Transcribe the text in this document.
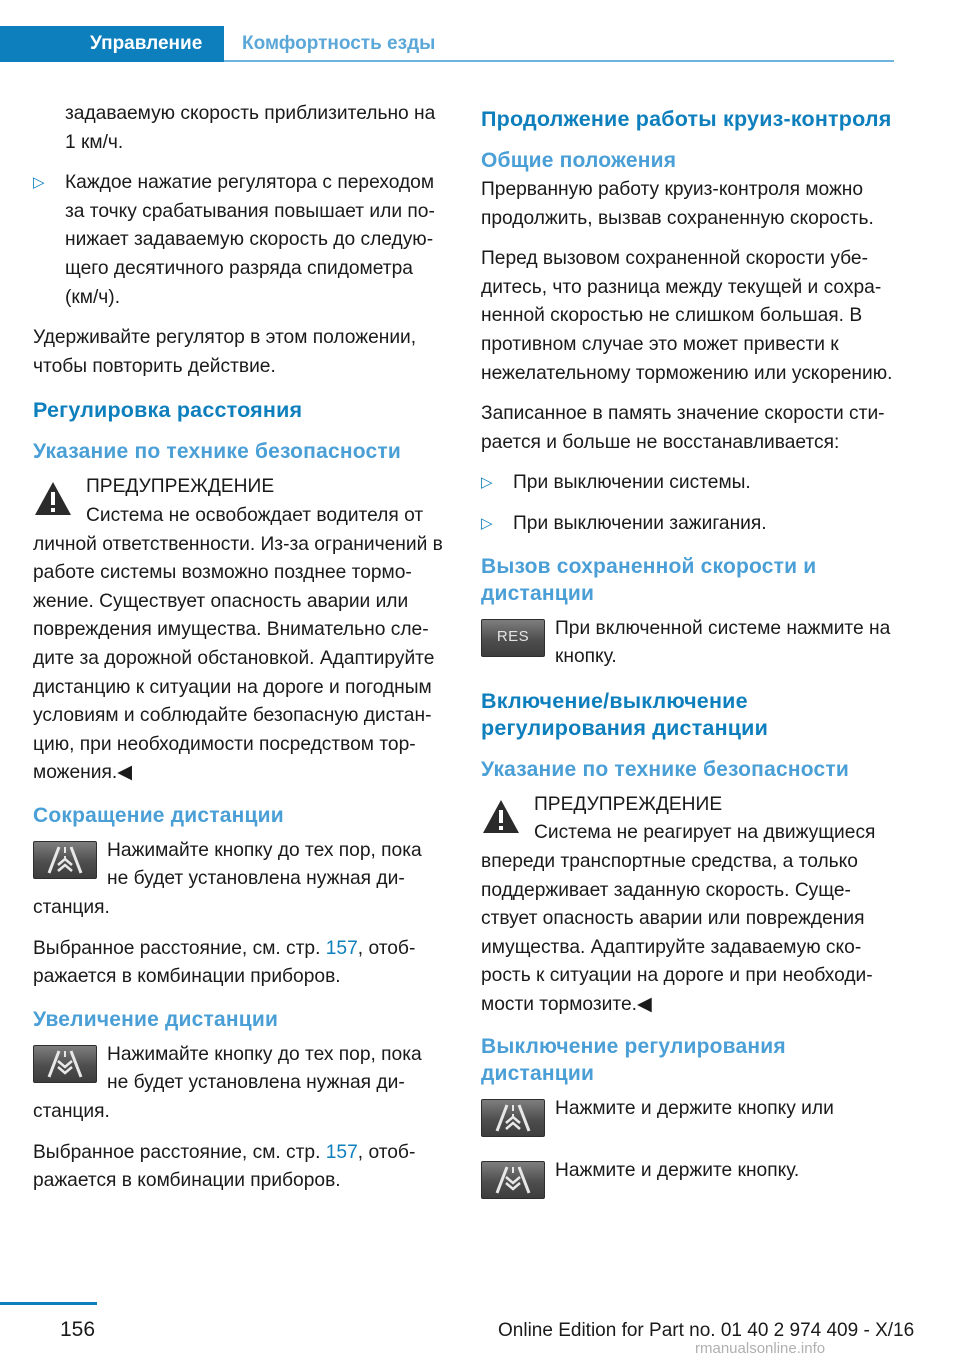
Управление	Комфортность езды

задаваемую скорость приблизительно на 1 км/ч.

▷ Каждое нажатие регулятора с переходом за точку срабатывания повышает или понижает задаваемую скорость до следующего десятичного разряда спидометра (км/ч).

Удерживайте регулятор в этом положении, чтобы повторить действие.

Регулировка расстояния
Указание по технике безопасности
ПРЕДУПРЕЖДЕНИЕ
Система не освобождает водителя от личной ответственности. Из-за ограничений в работе системы возможно позднее торможение. Существует опасность аварии или повреждения имущества. Внимательно следите за дорожной обстановкой. Адаптируйте дистанцию к ситуации на дороге и погодным условиям и соблюдайте безопасную дистанцию, при необходимости посредством торможения.◀
Сокращение дистанции
Нажимайте кнопку до тех пор, пока не будет установлена нужная дистанция.

Выбранное расстояние, см. стр. 157, отображается в комбинации приборов.

Увеличение дистанции
Нажимайте кнопку до тех пор, пока не будет установлена нужная дистанция.

Выбранное расстояние, см. стр. 157, отображается в комбинации приборов.

Продолжение работы круиз-контроля
Общие положения

Прерванную работу круиз-контроля можно продолжить, вызвав сохраненную скорость.

Перед вызовом сохраненной скорости убедитесь, что разница между текущей и сохраненной скоростью не слишком большая. В противном случае это может привести к нежелательному торможению или ускорению.

Записанное в память значение скорости стирается и больше не восстанавливается:

▷ При выключении системы.

▷ При выключении зажигания.

Вызов сохраненной скорости и дистанции
RES	При включенной системе нажмите на кнопку.
Включение/выключение регулирования дистанции
Указание по технике безопасности
ПРЕДУПРЕЖДЕНИЕ
Система не реагирует на движущиеся впереди транспортные средства, а только поддерживает заданную скорость. Существует опасность аварии или повреждения имущества. Адаптируйте задаваемую скорость к ситуации на дороге и при необходимости тормозите.◀
Выключение регулирования дистанции
Нажмите и держите кнопку или
Нажмите и держите кнопку.
156	Online Edition for Part no. 01 40 2 974 409 - X/16
rmanualsonline.info
